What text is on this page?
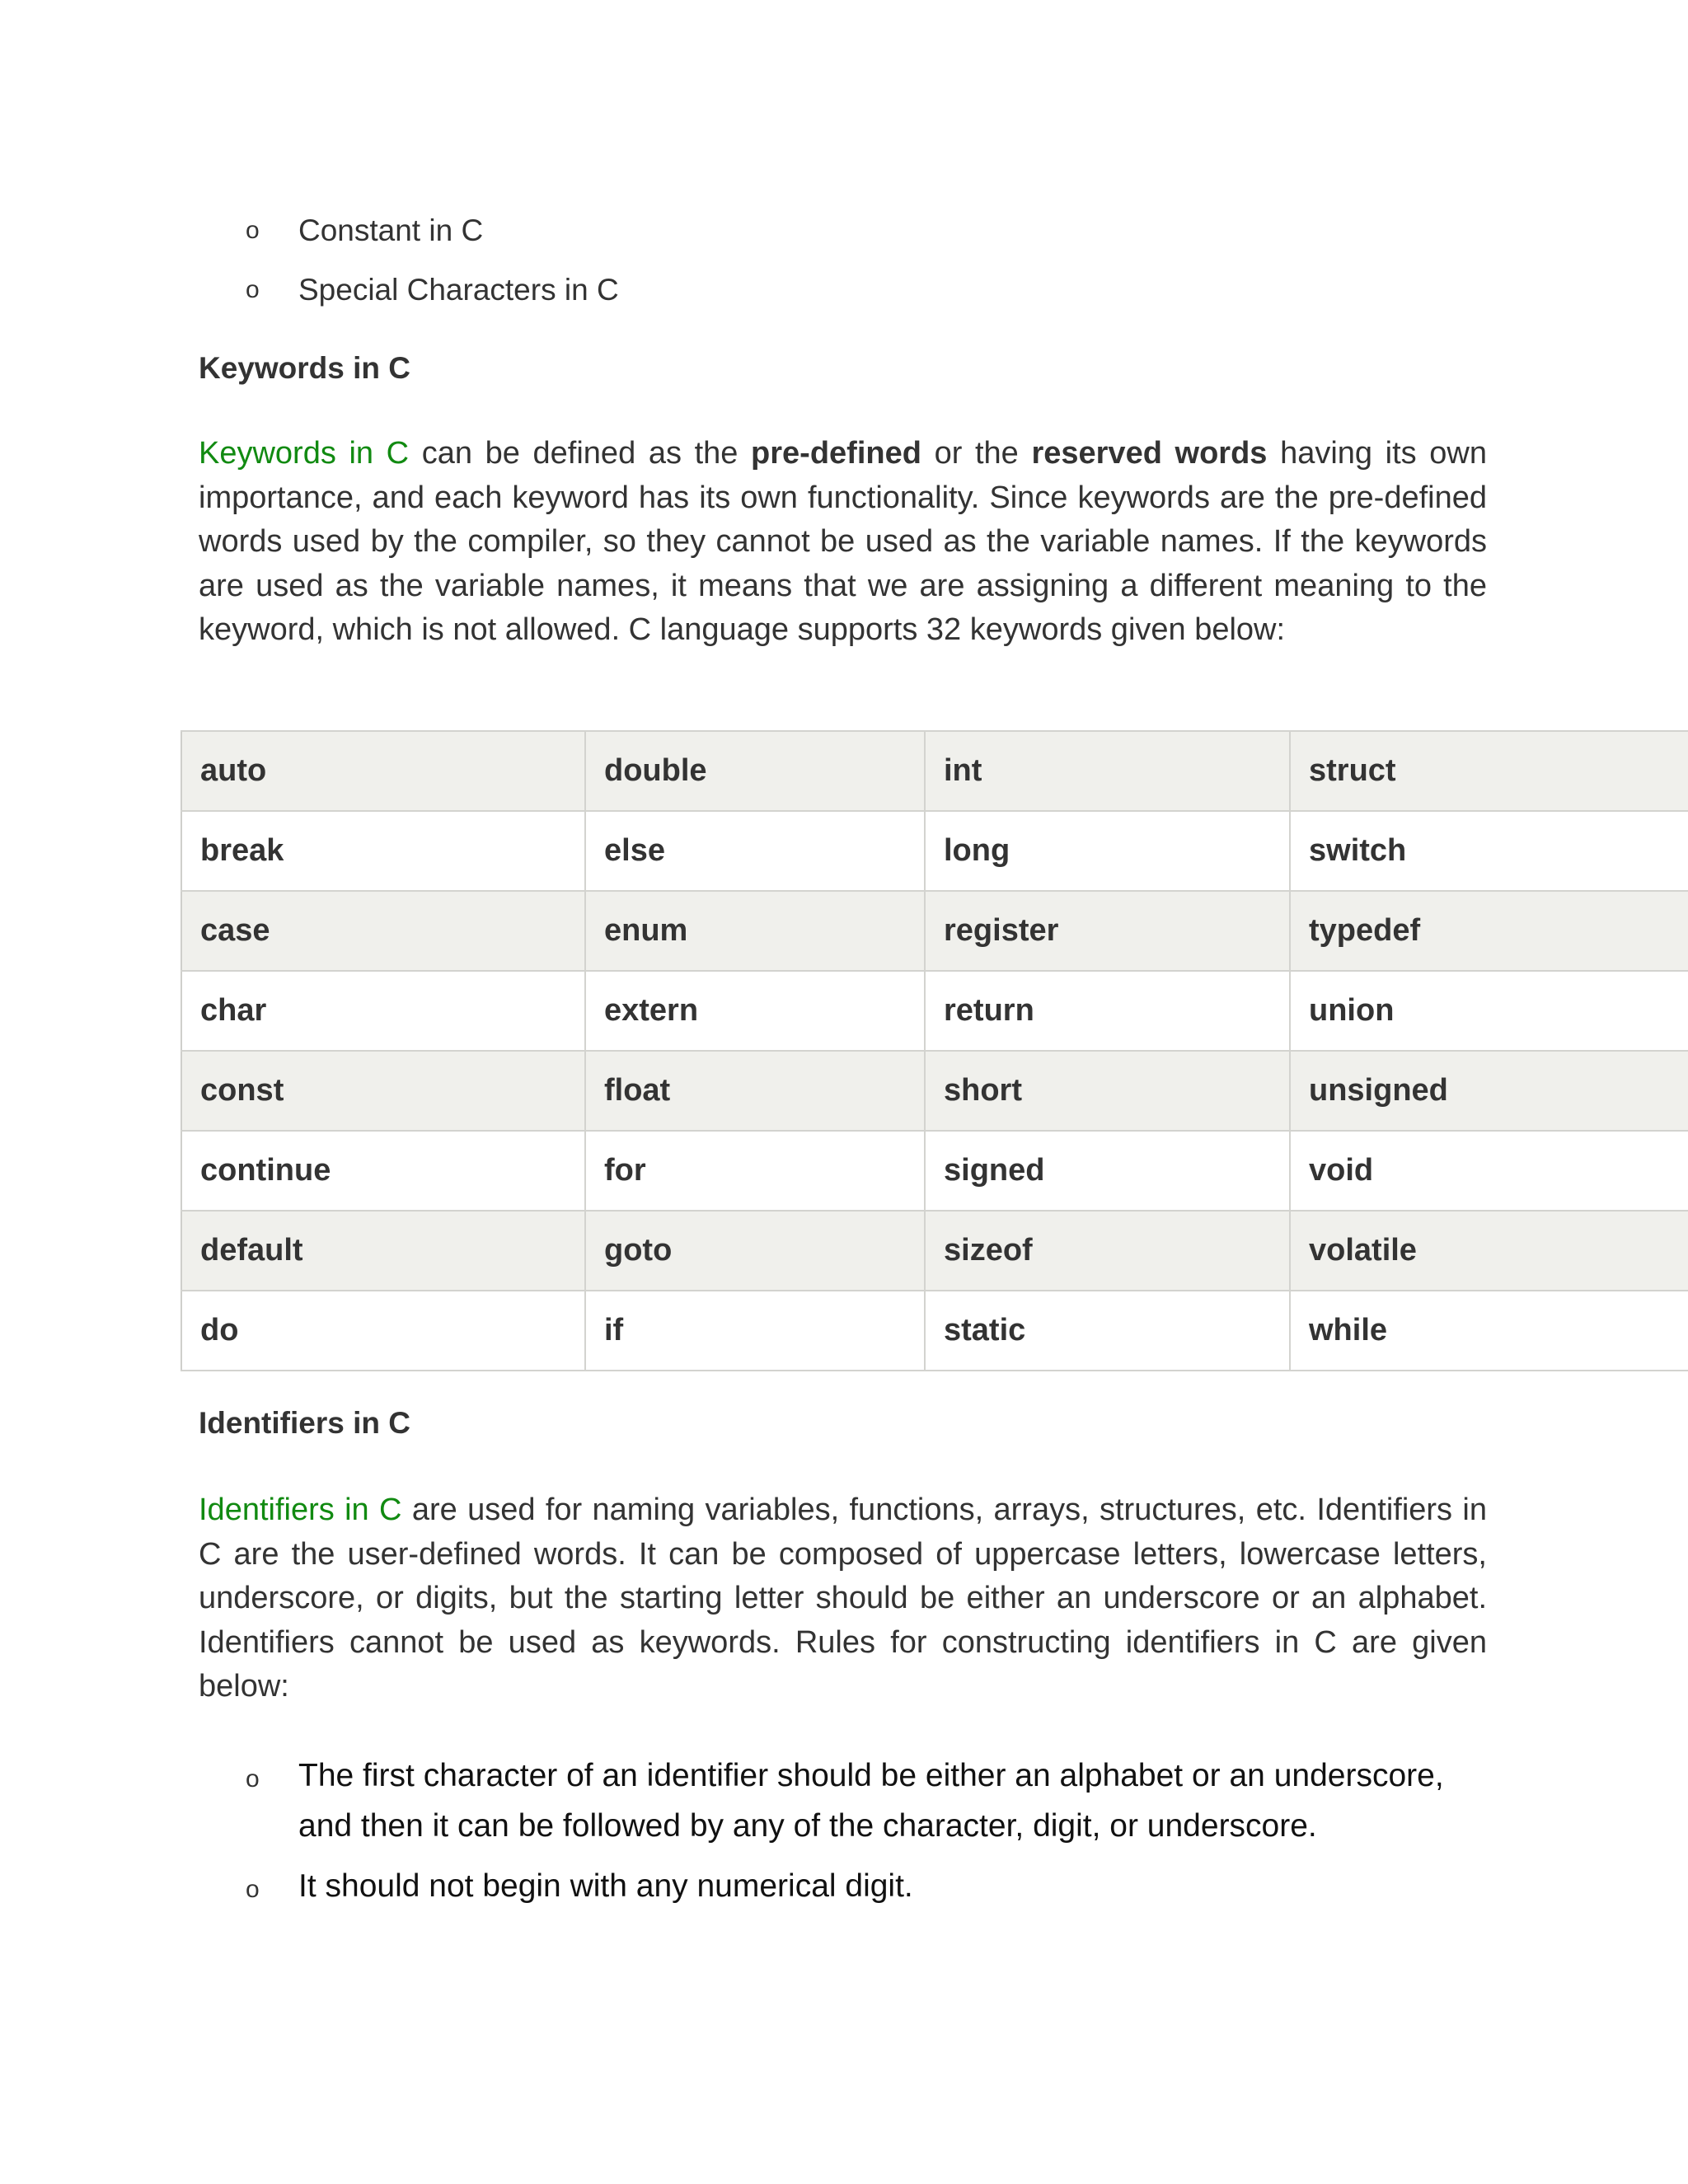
o Constant in C
o Special Characters in C
Keywords in C

Keywords in C can be defined as the pre-defined or the reserved words having its own importance, and each keyword has its own functionality. Since keywords are the pre-defined words used by the compiler, so they cannot be used as the variable names. If the keywords are used as the variable names, it means that we are assigning a different meaning to the keyword, which is not allowed. C language supports 32 keywords given below:

auto	double	int	struct
break	else	long	switch
case	enum	register	typedef
char	extern	return	union
const	float	short	unsigned
continue	for	signed	void
default	goto	sizeof	volatile
do	if	static	while
Identifiers in C

Identifiers in C are used for naming variables, functions, arrays, structures, etc. Identifiers in C are the user-defined words. It can be composed of uppercase letters, lowercase letters, underscore, or digits, but the starting letter should be either an underscore or an alphabet. Identifiers cannot be used as keywords. Rules for constructing identifiers in C are given below:

o The first character of an identifier should be either an alphabet or an underscore, and then it can be followed by any of the character, digit, or underscore.
o It should not begin with any numerical digit.
